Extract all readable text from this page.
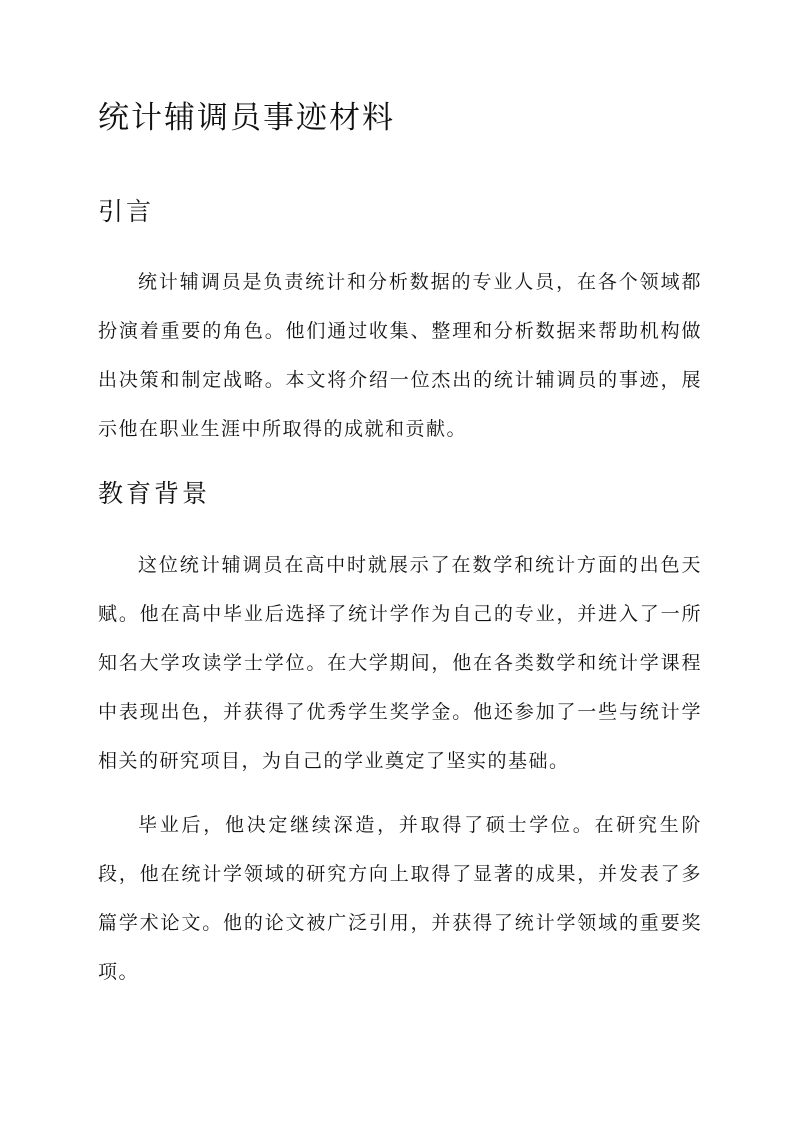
统计辅调员事迹材料
引言

统计辅调员是负责统计和分析数据的专业人员，在各个领域都扮演着重要的角色。他们通过收集、整理和分析数据来帮助机构做出决策和制定战略。本文将介绍一位杰出的统计辅调员的事迹，展示他在职业生涯中所取得的成就和贡献。

教育背景

这位统计辅调员在高中时就展示了在数学和统计方面的出色天赋。他在高中毕业后选择了统计学作为自己的专业，并进入了一所知名大学攻读学士学位。在大学期间，他在各类数学和统计学课程中表现出色，并获得了优秀学生奖学金。他还参加了一些与统计学相关的研究项目，为自己的学业奠定了坚实的基础。

毕业后，他决定继续深造，并取得了硕士学位。在研究生阶段，他在统计学领域的研究方向上取得了显著的成果，并发表了多篇学术论文。他的论文被广泛引用，并获得了统计学领域的重要奖项。
